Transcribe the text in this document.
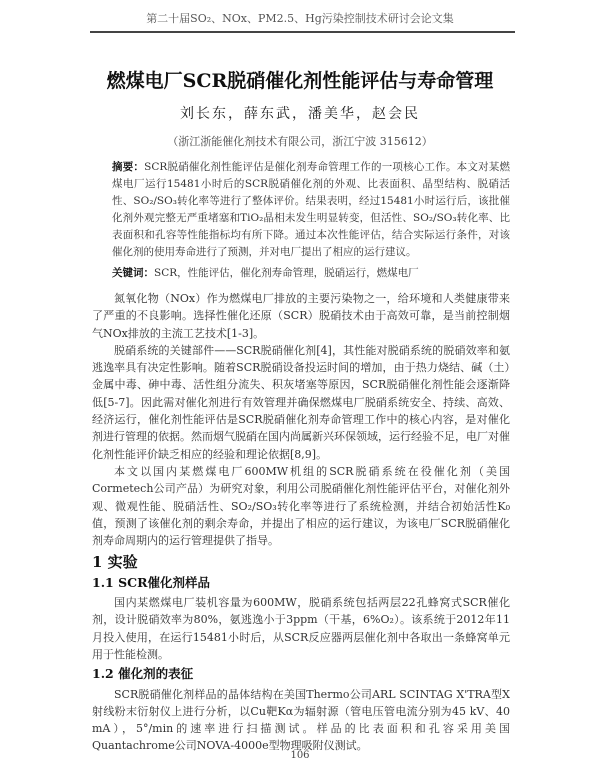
第二十届SO₂、NOx、PM2.5、Hg污染控制技术研讨会论文集
燃煤电厂SCR脱硝催化剂性能评估与寿命管理
刘长东，薛东武，潘美华，赵会民
（浙江浙能催化剂技术有限公司，浙江宁波 315612）
摘要：SCR脱硝催化剂性能评估是催化剂寿命管理工作的一项核心工作。本文对某燃煤电厂运行15481小时后的SCR脱硝催化剂的外观、比表面积、晶型结构、脱硝活性、SO₂/SO₃转化率等进行了整体评价。结果表明，经过15481小时运行后，该批催化剂外观完整无严重堵塞和TiO₂晶相未发生明显转变，但活性、SO₂/SO₃转化率、比表面积和孔容等性能指标均有所下降。通过本次性能评估，结合实际运行条件，对该催化剂的使用寿命进行了预测，并对电厂提出了相应的运行建议。
关键词：SCR，性能评估，催化剂寿命管理，脱硝运行，燃煤电厂

氮氧化物（NOx）作为燃煤电厂排放的主要污染物之一，给环境和人类健康带来了严重的不良影响。选择性催化还原（SCR）脱硝技术由于高效可靠，是当前控制烟气NOx排放的主流工艺技术[1-3]。

脱硝系统的关键部件——SCR脱硝催化剂[4]，其性能对脱硝系统的脱硝效率和氨逃逸率具有决定性影响。随着SCR脱硝设备投运时间的增加，由于热力烧结、碱（土）金属中毒、砷中毒、活性组分流失、积灰堵塞等原因，SCR脱硝催化剂性能会逐渐降低[5-7]。因此需对催化剂进行有效管理并确保燃煤电厂脱硝系统安全、持续、高效、经济运行，催化剂性能评估是SCR脱硝催化剂寿命管理工作中的核心内容，是对催化剂进行管理的依据。然而烟气脱硝在国内尚属新兴环保领域，运行经验不足，电厂对催化剂性能评价缺乏相应的经验和理论依据[8,9]。

本文以国内某燃煤电厂600MW机组的SCR脱硝系统在役催化剂（美国Cormetech公司产品）为研究对象，利用公司脱硝催化剂性能评估平台，对催化剂外观、微观性能、脱硝活性、SO₂/SO₃转化率等进行了系统检测，并结合初始活性K₀值，预测了该催化剂的剩余寿命，并提出了相应的运行建议，为该电厂SCR脱硝催化剂寿命周期内的运行管理提供了指导。

1 实验
1.1 SCR催化剂样品

国内某燃煤电厂装机容量为600MW，脱硝系统包括两层22孔蜂窝式SCR催化剂，设计脱硝效率为80%，氨逃逸小于3ppm（干基，6%O₂）。该系统于2012年11月投入使用，在运行15481小时后，从SCR反应器两层催化剂中各取出一条蜂窝单元用于性能检测。

1.2 催化剂的表征

SCR脱硝催化剂样品的晶体结构在美国Thermo公司ARL SCINTAG X'TRA型X射线粉末衍射仪上进行分析，以Cu靶Kα为辐射源（管电压管电流分别为45 kV、40 mA），5°/min的速率进行扫描测试。样品的比表面积和孔容采用美国Quantachrome公司NOVA-4000e型物理吸附仪测试。

106
